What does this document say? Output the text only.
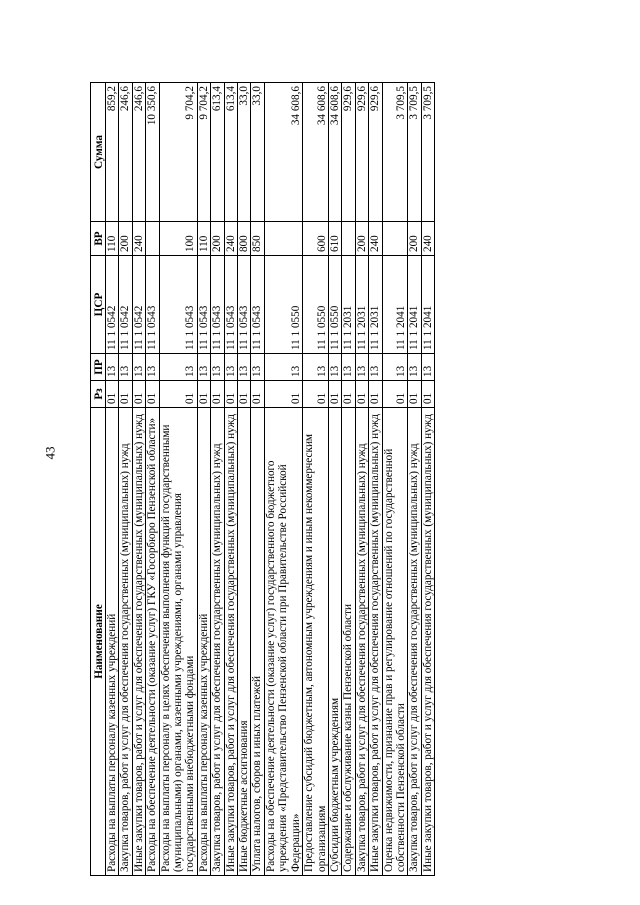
43
Наименование	Рз	ПР	ЦСР	ВР	Сумма
Расходы на выплаты персоналу казенных учреждений	01	13	11 1 0542	110	859,2
Закупка товаров, работ и услуг для обеспечения государственных (муниципальных) нужд	01	13	11 1 0542	200	246,6
Иные закупки товаров, работ и услуг для обеспечения государственных (муниципальных) нужд	01	13	11 1 0542	240	246,6
Расходы на обеспечение деятельности (оказание услуг) ГКУ «Госорбюро Пензенской области»	01	13	11 1 0543		10 350,6
Расходы на выплаты персоналу в целях обеспечения выполнения функций государственными (муниципальными) органами, казенными учреждениями, органами управления государственными внебюджетными фондами	01	13	11 1 0543	100	9 704,2
Расходы на выплаты персоналу казенных учреждений	01	13	11 1 0543	110	9 704,2
Закупка товаров, работ и услуг для обеспечения государственных (муниципальных) нужд	01	13	11 1 0543	200	613,4
Иные закупки товаров, работ и услуг для обеспечения государственных (муниципальных) нужд	01	13	11 1 0543	240	613,4
Иные бюджетные ассигнования	01	13	11 1 0543	800	33,0
Уплата налогов, сборов и иных платежей	01	13	11 1 0543	850	33,0
Расходы на обеспечение деятельности (оказание услуг) государственного бюджетного учреждения «Представительство Пензенской области при Правительстве Российской Федерации»	01	13	11 1 0550		34 608,6
Предоставление субсидий бюджетным, автономным учреждениям и иным некоммерческим организациям	01	13	11 1 0550	600	34 608,6
Субсидии бюджетным учреждениям	01	13	11 1 0550	610	34 608,6
Содержание и обслуживание казны Пензенской области	01	13	11 1 2031		929,6
Закупка товаров, работ и услуг для обеспечения государственных (муниципальных) нужд	01	13	11 1 2031	200	929,6
Иные закупки товаров, работ и услуг для обеспечения государственных (муниципальных) нужд	01	13	11 1 2031	240	929,6
Оценка недвижимости, признание прав и регулирование отношений по государственной собственности Пензенской области	01	13	11 1 2041		3 709,5
Закупка товаров, работ и услуг для обеспечения государственных (муниципальных) нужд	01	13	11 1 2041	200	3 709,5
Иные закупки товаров, работ и услуг для обеспечения государственных (муниципальных) нужд	01	13	11 1 2041	240	3 709,5
